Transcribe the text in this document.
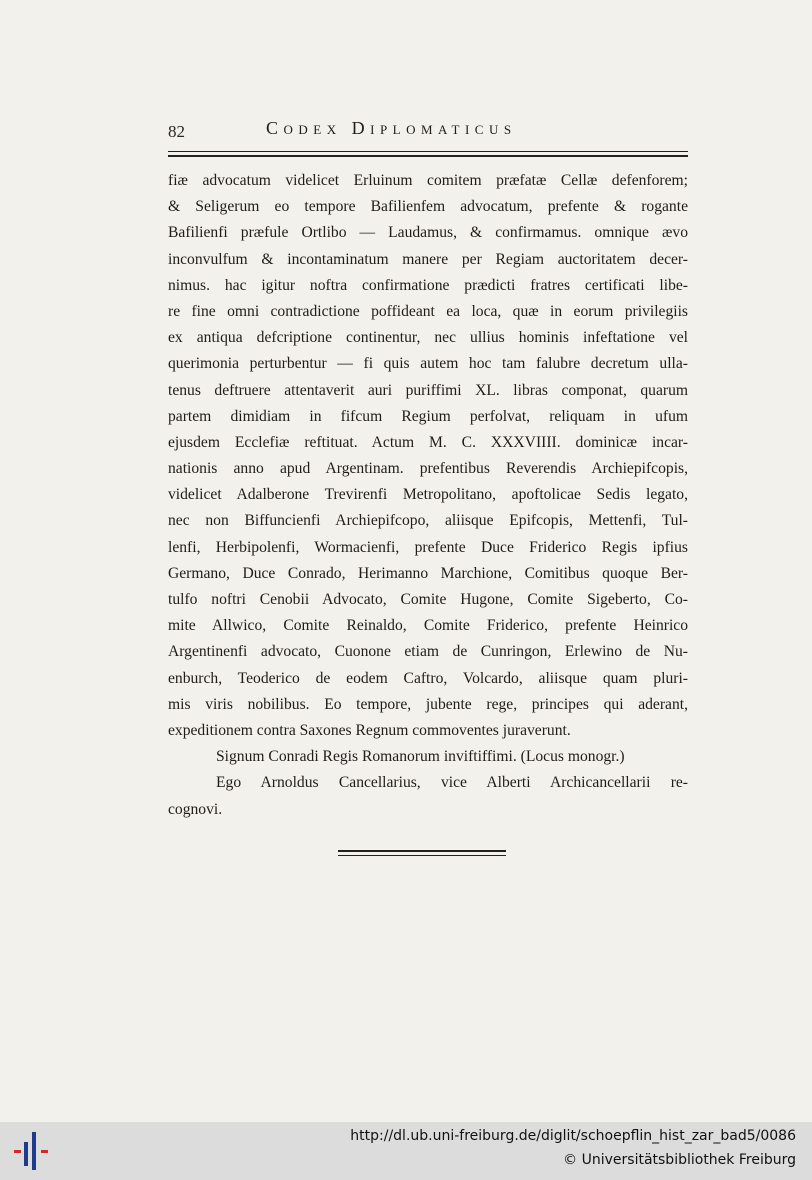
82	Codex Diplomaticus
fiæ advocatum videlicet Erluinum comitem præfatæ Cellæ defenforem;
& Seligerum eo tempore Bafilienfem advocatum, prefente & rogante
Bafilienfi præfule Ortlibo — Laudamus, & confirmamus. omnique ævo
inconvulfum & incontaminatum manere per Regiam auctoritatem decer-
nimus. hac igitur noftra confirmatione prædicti fratres certificati libe-
re fine omni contradictione poffideant ea loca, quæ in eorum privilegiis
ex antiqua defcriptione continentur, nec ullius hominis infeftatione vel
querimonia perturbentur — fi quis autem hoc tam falubre decretum ulla-
tenus deftruere attentaverit auri puriffimi XL. libras componat, quarum
partem dimidiam in fifcum Regium perfolvat, reliquam in ufum
ejusdem Ecclefiæ reftituat. Actum M. C. XXXVIIII. dominicæ incar-
nationis anno apud Argentinam. prefentibus Reverendis Archiepifcopis,
videlicet Adalberone Trevirenfi Metropolitano, apoftolicae Sedis legato,
nec non Biffuncienfi Archiepifcopo, aliisque Epifcopis, Mettenfi, Tul-
lenfi, Herbipolenfi, Wormacienfi, prefente Duce Friderico Regis ipfius
Germano, Duce Conrado, Herimanno Marchione, Comitibus quoque Ber-
tulfo noftri Cenobii Advocato, Comite Hugone, Comite Sigeberto, Co-
mite Allwico, Comite Reinaldo, Comite Friderico, prefente Heinrico
Argentinenfi advocato, Cuonone etiam de Cunringon, Erlewino de Nu-
enburch, Teoderico de eodem Caftro, Volcardo, aliisque quam pluri-
mis viris nobilibus. Eo tempore, jubente rege, principes qui aderant,
expeditionem contra Saxones Regnum commoventes juraverunt.
Signum Conradi Regis Romanorum inviftiffimi. (Locus monogr.)
Ego Arnoldus Cancellarius, vice Alberti Archicancellarii re-
cognovi.
http://dl.ub.uni-freiburg.de/diglit/schoepflin_hist_zar_bad5/0086
© Universitätsbibliothek Freiburg
